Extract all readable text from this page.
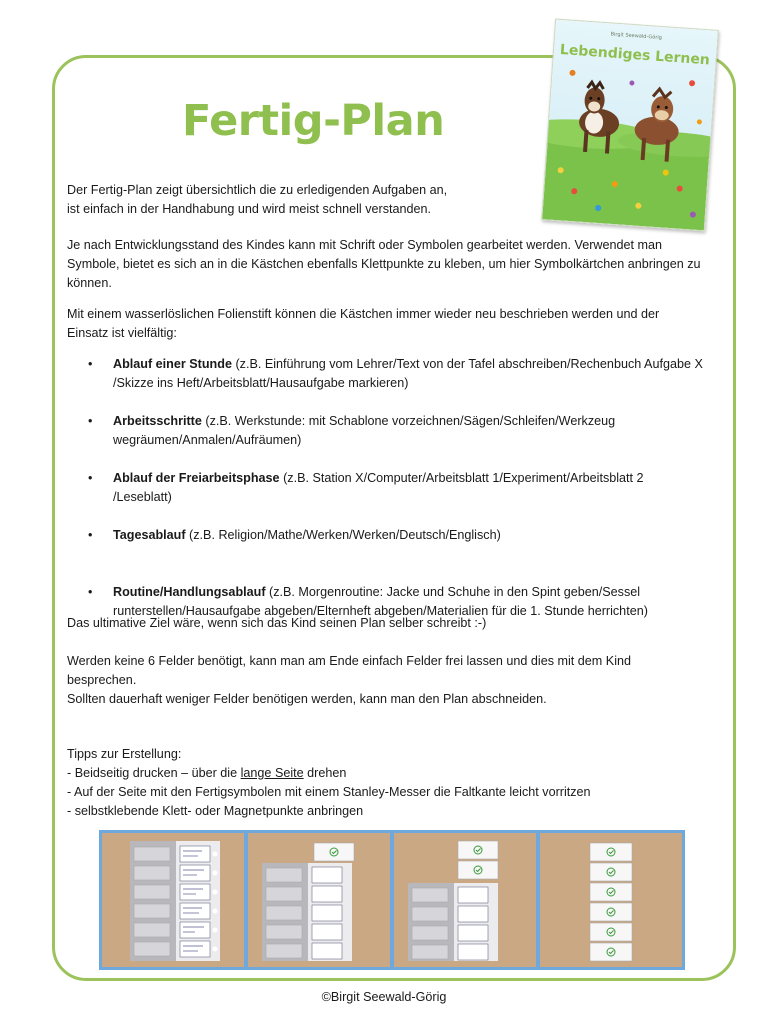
Fertig-Plan
Birgit Seewald-Görig
Lebendiges Lernen

Der Fertig-Plan zeigt übersichtlich die zu erledigenden Aufgaben an,

ist einfach in der Handhabung und wird meist schnell verstanden.

Je nach Entwicklungsstand des Kindes kann mit Schrift oder Symbolen gearbeitet werden. Verwendet man

Symbole, bietet es sich an in die Kästchen ebenfalls Klettpunkte zu kleben, um hier Symbolkärtchen anbringen zu

können.

Mit einem wasserlöslichen Folienstift können die Kästchen immer wieder neu beschrieben werden und der

Einsatz ist vielfältig:

• Ablauf einer Stunde (z.B. Einführung vom Lehrer/Text von der Tafel abschreiben/Rechenbuch Aufgabe X
/Skizze ins Heft/Arbeitsblatt/Hausaufgabe markieren)
• Arbeitsschritte (z.B. Werkstunde: mit Schablone vorzeichnen/Sägen/Schleifen/Werkzeug
wegräumen/Anmalen/Aufräumen)
• Ablauf der Freiarbeitsphase (z.B. Station X/Computer/Arbeitsblatt 1/Experiment/Arbeitsblatt 2
/Leseblatt)
• Tagesablauf (z.B. Religion/Mathe/Werken/Werken/Deutsch/Englisch)
• Routine/Handlungsablauf (z.B. Morgenroutine: Jacke und Schuhe in den Spint geben/Sessel
runterstellen/Hausaufgabe abgeben/Elternheft abgeben/Materialien für die 1. Stunde herrichten)

Das ultimative Ziel wäre, wenn sich das Kind seinen Plan selber schreibt :-)

Werden keine 6 Felder benötigt, kann man am Ende einfach Felder frei lassen und dies mit dem Kind

besprechen.

Sollten dauerhaft weniger Felder benötigen werden, kann man den Plan abschneiden.

Tipps zur Erstellung:

- Beidseitig drucken – über die lange Seite drehen

- Auf der Seite mit den Fertigsymbolen mit einem Stanley-Messer die Faltkante leicht vorritzen

- selbstklebende Klett- oder Magnetpunkte anbringen

©Birgit Seewald-Görig
